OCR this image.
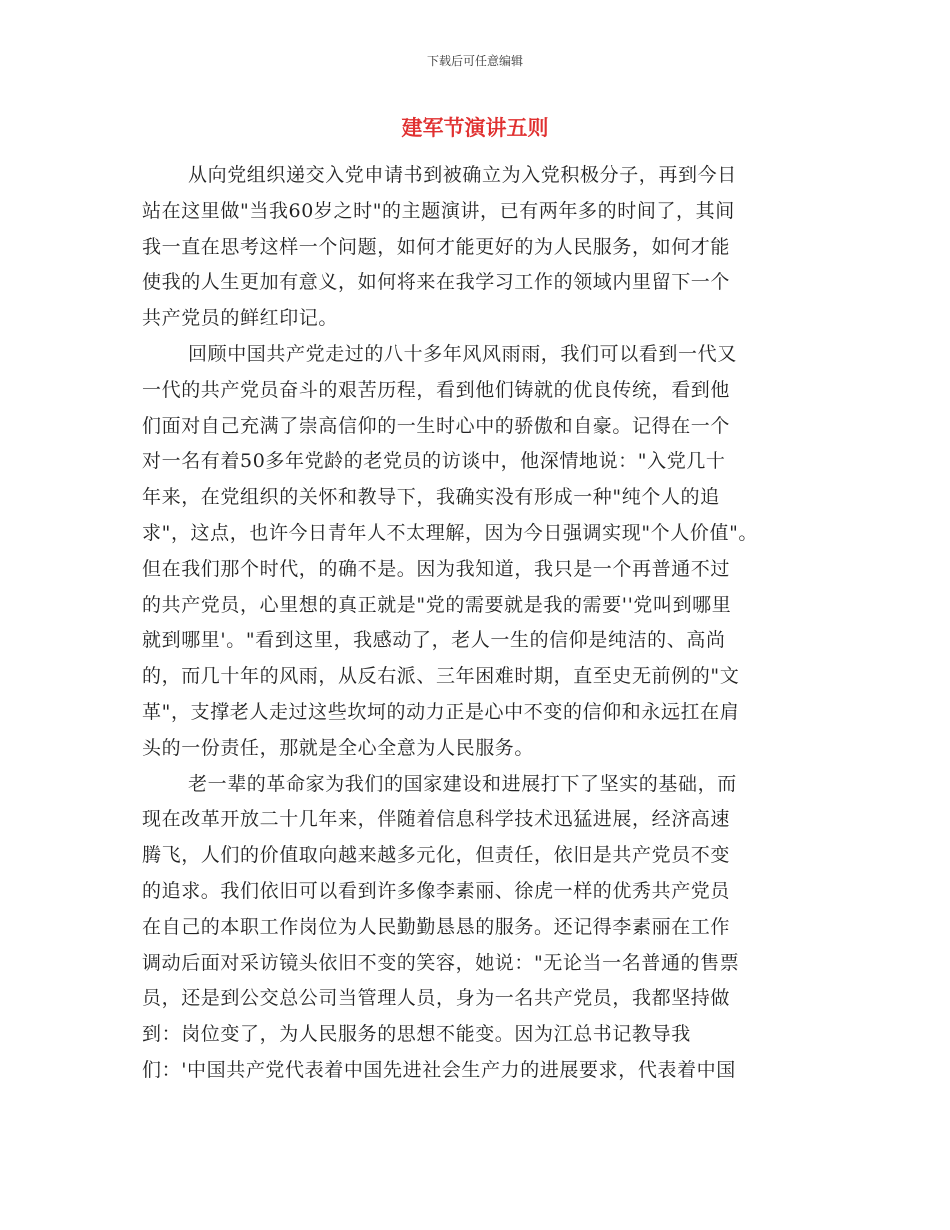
下载后可任意编辑
建军节演讲五则
从向党组织递交入党申请书到被确立为入党积极分子，再到今日
站在这里做"当我60岁之时"的主题演讲，已有两年多的时间了，其间
我一直在思考这样一个问题，如何才能更好的为人民服务，如何才能
使我的人生更加有意义，如何将来在我学习工作的领域内里留下一个
共产党员的鲜红印记。
回顾中国共产党走过的八十多年风风雨雨，我们可以看到一代又
一代的共产党员奋斗的艰苦历程，看到他们铸就的优良传统，看到他
们面对自己充满了崇高信仰的一生时心中的骄傲和自豪。记得在一个
对一名有着50多年党龄的老党员的访谈中，他深情地说："入党几十
年来，在党组织的关怀和教导下，我确实没有形成一种"纯个人的追
求"，这点，也许今日青年人不太理解，因为今日强调实现"个人价值"。
但在我们那个时代，的确不是。因为我知道，我只是一个再普通不过
的共产党员，心里想的真正就是"党的需要就是我的需要''党叫到哪里
就到哪里'。"看到这里，我感动了，老人一生的信仰是纯洁的、高尚
的，而几十年的风雨，从反右派、三年困难时期，直至史无前例的"文
革"，支撑老人走过这些坎坷的动力正是心中不变的信仰和永远扛在肩
头的一份责任，那就是全心全意为人民服务。
老一辈的革命家为我们的国家建设和进展打下了坚实的基础，而
现在改革开放二十几年来，伴随着信息科学技术迅猛进展，经济高速
腾飞，人们的价值取向越来越多元化，但责任，依旧是共产党员不变
的追求。我们依旧可以看到许多像李素丽、徐虎一样的优秀共产党员
在自己的本职工作岗位为人民勤勤恳恳的服务。还记得李素丽在工作
调动后面对采访镜头依旧不变的笑容，她说："无论当一名普通的售票
员，还是到公交总公司当管理人员，身为一名共产党员，我都坚持做
到：岗位变了，为人民服务的思想不能变。因为江总书记教导我
们：'中国共产党代表着中国先进社会生产力的进展要求，代表着中国
